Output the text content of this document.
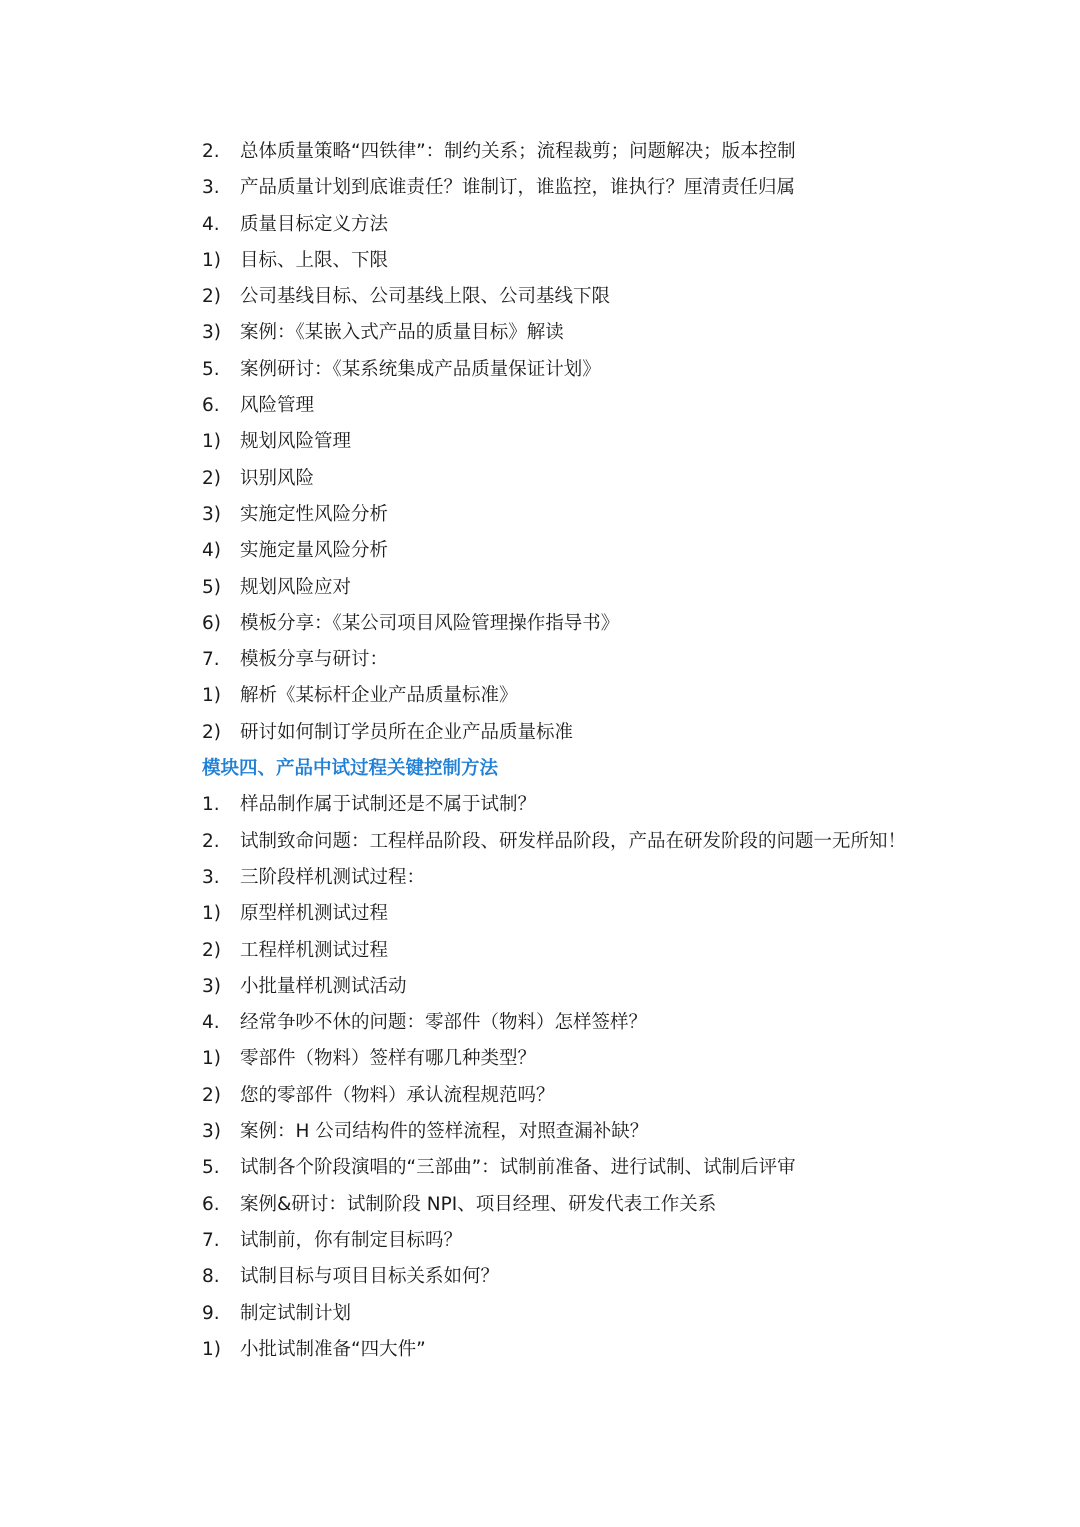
2.	总体质量策略“四铁律”：制约关系；流程裁剪；问题解决；版本控制
3.	产品质量计划到底谁责任？谁制订，谁监控，谁执行？厘清责任归属
4.	质量目标定义方法
1)	目标、上限、下限
2)	公司基线目标、公司基线上限、公司基线下限
3)	案例：《某嵌入式产品的质量目标》解读
5.	案例研讨：《某系统集成产品质量保证计划》
6.	风险管理
1)	规划风险管理
2)	识别风险
3)	实施定性风险分析
4)	实施定量风险分析
5)	规划风险应对
6)	模板分享：《某公司项目风险管理操作指导书》
7.	模板分享与研讨：
1)	解析《某标杆企业产品质量标准》
2)	研讨如何制订学员所在企业产品质量标准
模块四、产品中试过程关键控制方法
1.	样品制作属于试制还是不属于试制？
2.	试制致命问题：工程样品阶段、研发样品阶段，产品在研发阶段的问题一无所知！
3.	三阶段样机测试过程：
1)	原型样机测试过程
2)	工程样机测试过程
3)	小批量样机测试活动
4.	经常争吵不休的问题：零部件（物料）怎样签样？
1)	零部件（物料）签样有哪几种类型？
2)	您的零部件（物料）承认流程规范吗？
3)	案例：H 公司结构件的签样流程，对照查漏补缺？
5.	试制各个阶段演唱的“三部曲”：试制前准备、进行试制、试制后评审
6.	案例&研讨：试制阶段 NPI、项目经理、研发代表工作关系
7.	试制前，你有制定目标吗？
8.	试制目标与项目目标关系如何？
9.	制定试制计划
1)	小批试制准备“四大件”
